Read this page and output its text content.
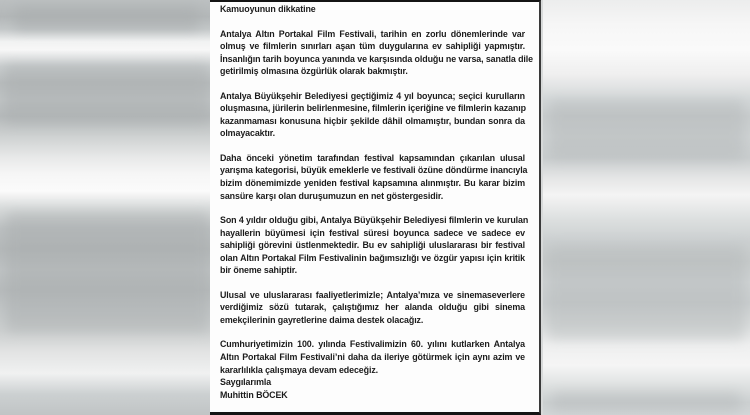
Kamuoyunun dikkatine
Antalya Altın Portakal Film Festivali, tarihin en zorlu dönemlerinde var
olmuş ve filmlerin sınırları aşan tüm duygularına ev sahipliği yapmıştır.
İnsanlığın tarih boyunca yanında ve karşısında olduğu ne varsa, sanatla dile
getirilmiş olmasına özgürlük olarak bakmıştır.
Antalya Büyükşehir Belediyesi geçtiğimiz 4 yıl boyunca; seçici kurulların
oluşmasına, jürilerin belirlenmesine, filmlerin içeriğine ve filmlerin kazanıp
kazanmaması konusuna hiçbir şekilde dâhil olmamıştır, bundan sonra da
olmayacaktır.
Daha önceki yönetim tarafından festival kapsamından çıkarılan ulusal
yarışma kategorisi, büyük emeklerle ve festivali özüne döndürme inancıyla
bizim dönemimizde yeniden festival kapsamına alınmıştır. Bu karar bizim
sansüre karşı olan duruşumuzun en net göstergesidir.
Son 4 yıldır olduğu gibi, Antalya Büyükşehir Belediyesi filmlerin ve kurulan
hayallerin büyümesi için festival süresi boyunca sadece ve sadece ev
sahipliği görevini üstlenmektedir. Bu ev sahipliği uluslararası bir festival
olan Altın Portakal Film Festivalinin bağımsızlığı ve özgür yapısı için kritik
bir öneme sahiptir.
Ulusal ve uluslararası faaliyetlerimizle; Antalya’mıza ve sinemaseverlere
verdiğimiz sözü tutarak, çalıştığımız her alanda olduğu gibi sinema
emekçilerinin gayretlerine daima destek olacağız.
Cumhuriyetimizin 100. yılında Festivalimizin 60. yılını kutlarken Antalya
Altın Portakal Film Festivali’ni daha da ileriye götürmek için aynı azim ve
kararlılıkla çalışmaya devam edeceğiz.
Saygılarımla
Muhittin BÖCEK
